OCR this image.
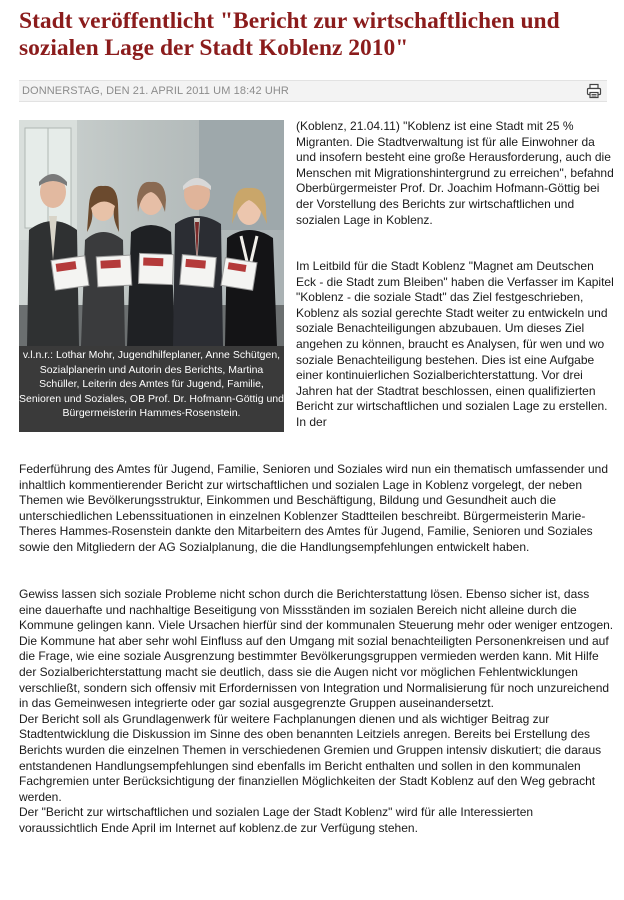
Stadt veröffentlicht "Bericht zur wirtschaftlichen und sozialen Lage der Stadt Koblenz 2010"
DONNERSTAG, DEN 21. APRIL 2011 UM 18:42 UHR
v.l.n.r.: Lothar Mohr, Jugendhilfeplaner, Anne Schütgen, Sozialplanerin und Autorin des Berichts, Martina Schüller, Leiterin des Amtes für Jugend, Familie, Senioren und Soziales, OB Prof. Dr. Hofmann-Göttig und Bürgermeisterin Hammes-Rosenstein.

(Koblenz, 21.04.11) "Koblenz ist eine Stadt mit 25 % Migranten. Die Stadtverwaltung ist für alle Einwohner da und insofern besteht eine große Herausforderung, auch die Menschen mit Migrationshintergrund zu erreichen", befahnd Oberbürgermeister Prof. Dr. Joachim Hofmann-Göttig bei der Vorstellung des Berichts zur wirtschaftlichen und sozialen Lage in Koblenz.

Im Leitbild für die Stadt Koblenz "Magnet am Deutschen Eck - die Stadt zum Bleiben" haben die Verfasser im Kapitel "Koblenz - die soziale Stadt" das Ziel festgeschrieben, Koblenz als sozial gerechte Stadt weiter zu entwickeln und soziale Benachteiligungen abzubauen. Um dieses Ziel angehen zu können, braucht es Analysen, für wen und wo soziale Benachteiligung bestehen. Dies ist eine Aufgabe einer kontinuierlichen Sozialberichterstattung. Vor drei Jahren hat der Stadtrat beschlossen, einen qualifizierten Bericht zur wirtschaftlichen und sozialen Lage zu erstellen. In der

Federführung des Amtes für Jugend, Familie, Senioren und Soziales wird nun ein thematisch umfassender und inhaltlich kommentierender Bericht zur wirtschaftlichen und sozialen Lage in Koblenz vorgelegt, der neben Themen wie Bevölkerungsstruktur, Einkommen und Beschäftigung, Bildung und Gesundheit auch die unterschiedlichen Lebenssituationen in einzelnen Koblenzer Stadtteilen beschreibt. Bürgermeisterin Marie-Theres Hammes-Rosenstein dankte den Mitarbeitern des Amtes für Jugend, Familie, Senioren und Soziales sowie den Mitgliedern der AG Sozialplanung, die die Handlungsempfehlungen entwickelt haben.

Gewiss lassen sich soziale Probleme nicht schon durch die Berichterstattung lösen. Ebenso sicher ist, dass eine dauerhafte und nachhaltige Beseitigung von Missständen im sozialen Bereich nicht alleine durch die Kommune gelingen kann. Viele Ursachen hierfür sind der kommunalen Steuerung mehr oder weniger entzogen. Die Kommune hat aber sehr wohl Einfluss auf den Umgang mit sozial benachteiligten Personenkreisen und auf die Frage, wie eine soziale Ausgrenzung bestimmter Bevölkerungsgruppen vermieden werden kann. Mit Hilfe der Sozialberichterstattung macht sie deutlich, dass sie die Augen nicht vor möglichen Fehlentwicklungen verschließt, sondern sich offensiv mit Erfordernissen von Integration und Normalisierung für noch unzureichend in das Gemeinwesen integrierte oder gar sozial ausgegrenzte Gruppen auseinandersetzt.
Der Bericht soll als Grundlagenwerk für weitere Fachplanungen dienen und als wichtiger Beitrag zur Stadtentwicklung die Diskussion im Sinne des oben benannten Leitziels anregen. Bereits bei Erstellung des Berichts wurden die einzelnen Themen in verschiedenen Gremien und Gruppen intensiv diskutiert; die daraus entstandenen Handlungsempfehlungen sind ebenfalls im Bericht enthalten und sollen in den kommunalen Fachgremien unter Berücksichtigung der finanziellen Möglichkeiten der Stadt Koblenz auf den Weg gebracht werden.
Der "Bericht zur wirtschaftlichen und sozialen Lage der Stadt Koblenz" wird für alle Interessierten voraussichtlich Ende April im Internet auf koblenz.de zur Verfügung stehen.
